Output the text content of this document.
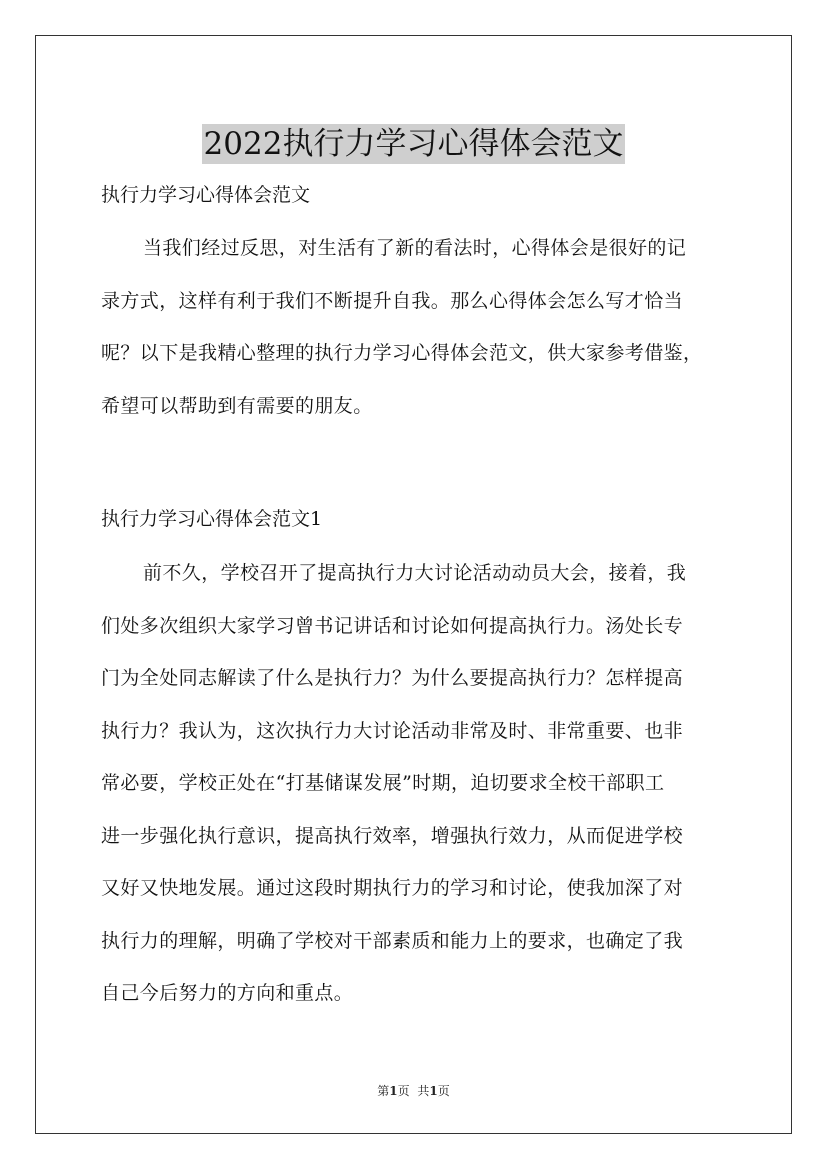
2022执行力学习心得体会范文
执行力学习心得体会范文
当我们经过反思，对生活有了新的看法时，心得体会是很好的记
录方式，这样有利于我们不断提升自我。那么心得体会怎么写才恰当
呢？以下是我精心整理的执行力学习心得体会范文，供大家参考借鉴，
希望可以帮助到有需要的朋友。
执行力学习心得体会范文1
前不久，学校召开了提高执行力大讨论活动动员大会，接着，我
们处多次组织大家学习曾书记讲话和讨论如何提高执行力。汤处长专
门为全处同志解读了什么是执行力？为什么要提高执行力？怎样提高
执行力？我认为，这次执行力大讨论活动非常及时、非常重要、也非
常必要，学校正处在“打基储谋发展”时期，迫切要求全校干部职工
进一步强化执行意识，提高执行效率，增强执行效力，从而促进学校
又好又快地发展。通过这段时期执行力的学习和讨论，使我加深了对
执行力的理解，明确了学校对干部素质和能力上的要求，也确定了我
自己今后努力的方向和重点。
第1页 共1页
